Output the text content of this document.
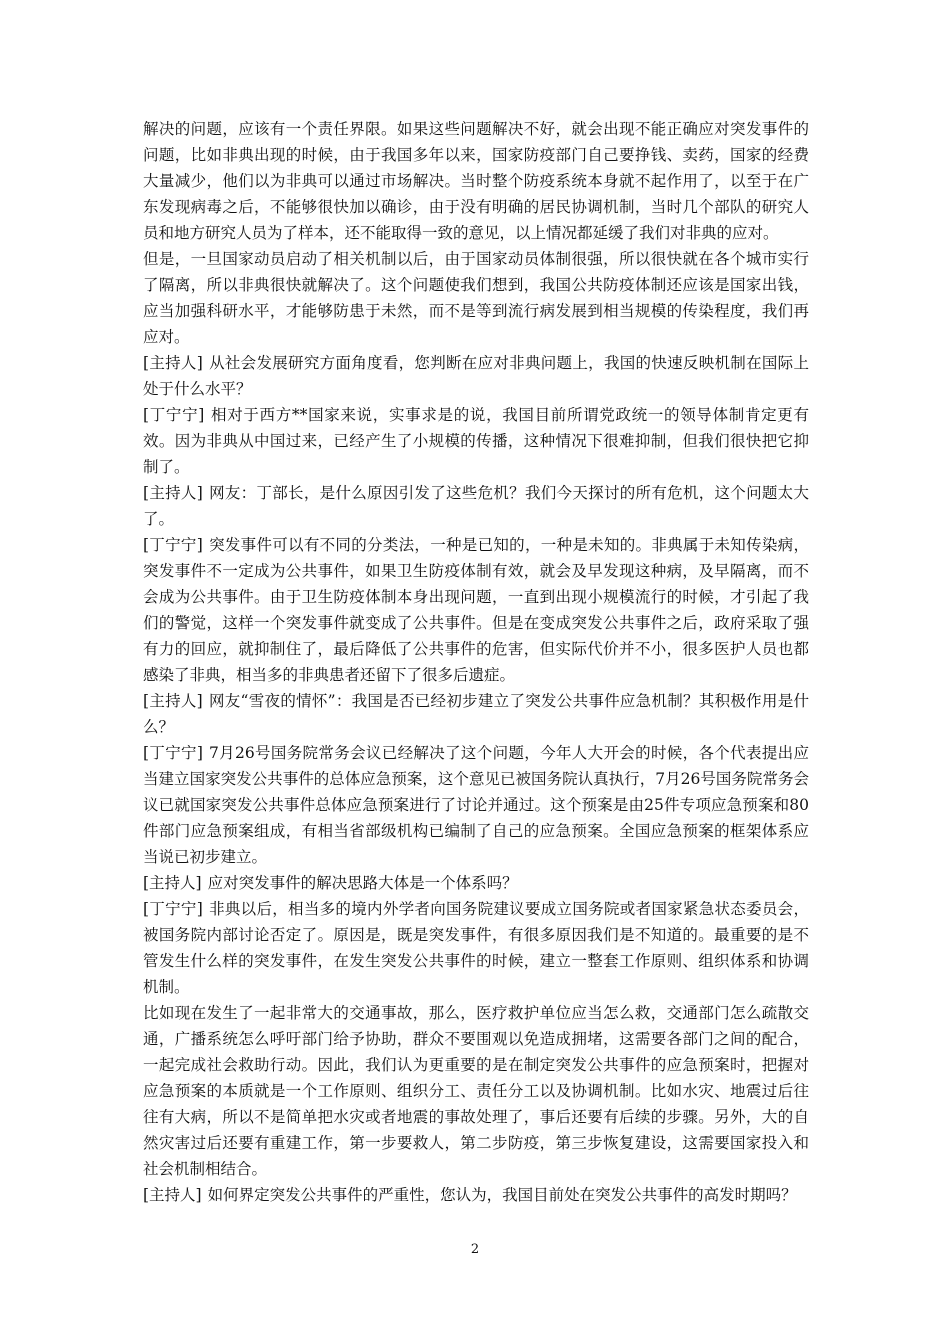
解决的问题，应该有一个责任界限。如果这些问题解决不好，就会出现不能正确应对突发事件的问题，比如非典出现的时候，由于我国多年以来，国家防疫部门自己要挣钱、卖药，国家的经费大量减少，他们以为非典可以通过市场解决。当时整个防疫系统本身就不起作用了，以至于在广东发现病毒之后，不能够很快加以确诊，由于没有明确的居民协调机制，当时几个部队的研究人员和地方研究人员为了样本，还不能取得一致的意见，以上情况都延缓了我们对非典的应对。

但是，一旦国家动员启动了相关机制以后，由于国家动员体制很强，所以很快就在各个城市实行了隔离，所以非典很快就解决了。这个问题使我们想到，我国公共防疫体制还应该是国家出钱，应当加强科研水平，才能够防患于未然，而不是等到流行病发展到相当规模的传染程度，我们再应对。

[主持人] 从社会发展研究方面角度看，您判断在应对非典问题上，我国的快速反映机制在国际上处于什么水平？

[丁宁宁] 相对于西方**国家来说，实事求是的说，我国目前所谓党政统一的领导体制肯定更有效。因为非典从中国过来，已经产生了小规模的传播，这种情况下很难抑制，但我们很快把它抑制了。

[主持人] 网友：丁部长，是什么原因引发了这些危机？我们今天探讨的所有危机，这个问题太大了。

[丁宁宁] 突发事件可以有不同的分类法，一种是已知的，一种是未知的。非典属于未知传染病，突发事件不一定成为公共事件，如果卫生防疫体制有效，就会及早发现这种病，及早隔离，而不会成为公共事件。由于卫生防疫体制本身出现问题，一直到出现小规模流行的时候，才引起了我们的警觉，这样一个突发事件就变成了公共事件。但是在变成突发公共事件之后，政府采取了强有力的回应，就抑制住了，最后降低了公共事件的危害，但实际代价并不小，很多医护人员也都感染了非典，相当多的非典患者还留下了很多后遗症。

[主持人] 网友“雪夜的情怀”：我国是否已经初步建立了突发公共事件应急机制？其积极作用是什么？

[丁宁宁] 7月26号国务院常务会议已经解决了这个问题，今年人大开会的时候，各个代表提出应当建立国家突发公共事件的总体应急预案，这个意见已被国务院认真执行，7月26号国务院常务会议已就国家突发公共事件总体应急预案进行了讨论并通过。这个预案是由25件专项应急预案和80件部门应急预案组成，有相当省部级机构已编制了自己的应急预案。全国应急预案的框架体系应当说已初步建立。

[主持人] 应对突发事件的解决思路大体是一个体系吗？

[丁宁宁] 非典以后，相当多的境内外学者向国务院建议要成立国务院或者国家紧急状态委员会，被国务院内部讨论否定了。原因是，既是突发事件，有很多原因我们是不知道的。最重要的是不管发生什么样的突发事件，在发生突发公共事件的时候，建立一整套工作原则、组织体系和协调机制。

比如现在发生了一起非常大的交通事故，那么，医疗救护单位应当怎么救，交通部门怎么疏散交通，广播系统怎么呼吁部门给予协助，群众不要围观以免造成拥堵，这需要各部门之间的配合，一起完成社会救助行动。因此，我们认为更重要的是在制定突发公共事件的应急预案时，把握对应急预案的本质就是一个工作原则、组织分工、责任分工以及协调机制。比如水灾、地震过后往往有大病，所以不是简单把水灾或者地震的事故处理了，事后还要有后续的步骤。另外，大的自然灾害过后还要有重建工作，第一步要救人，第二步防疫，第三步恢复建设，这需要国家投入和社会机制相结合。

[主持人] 如何界定突发公共事件的严重性，您认为，我国目前处在突发公共事件的高发时期吗？

2
